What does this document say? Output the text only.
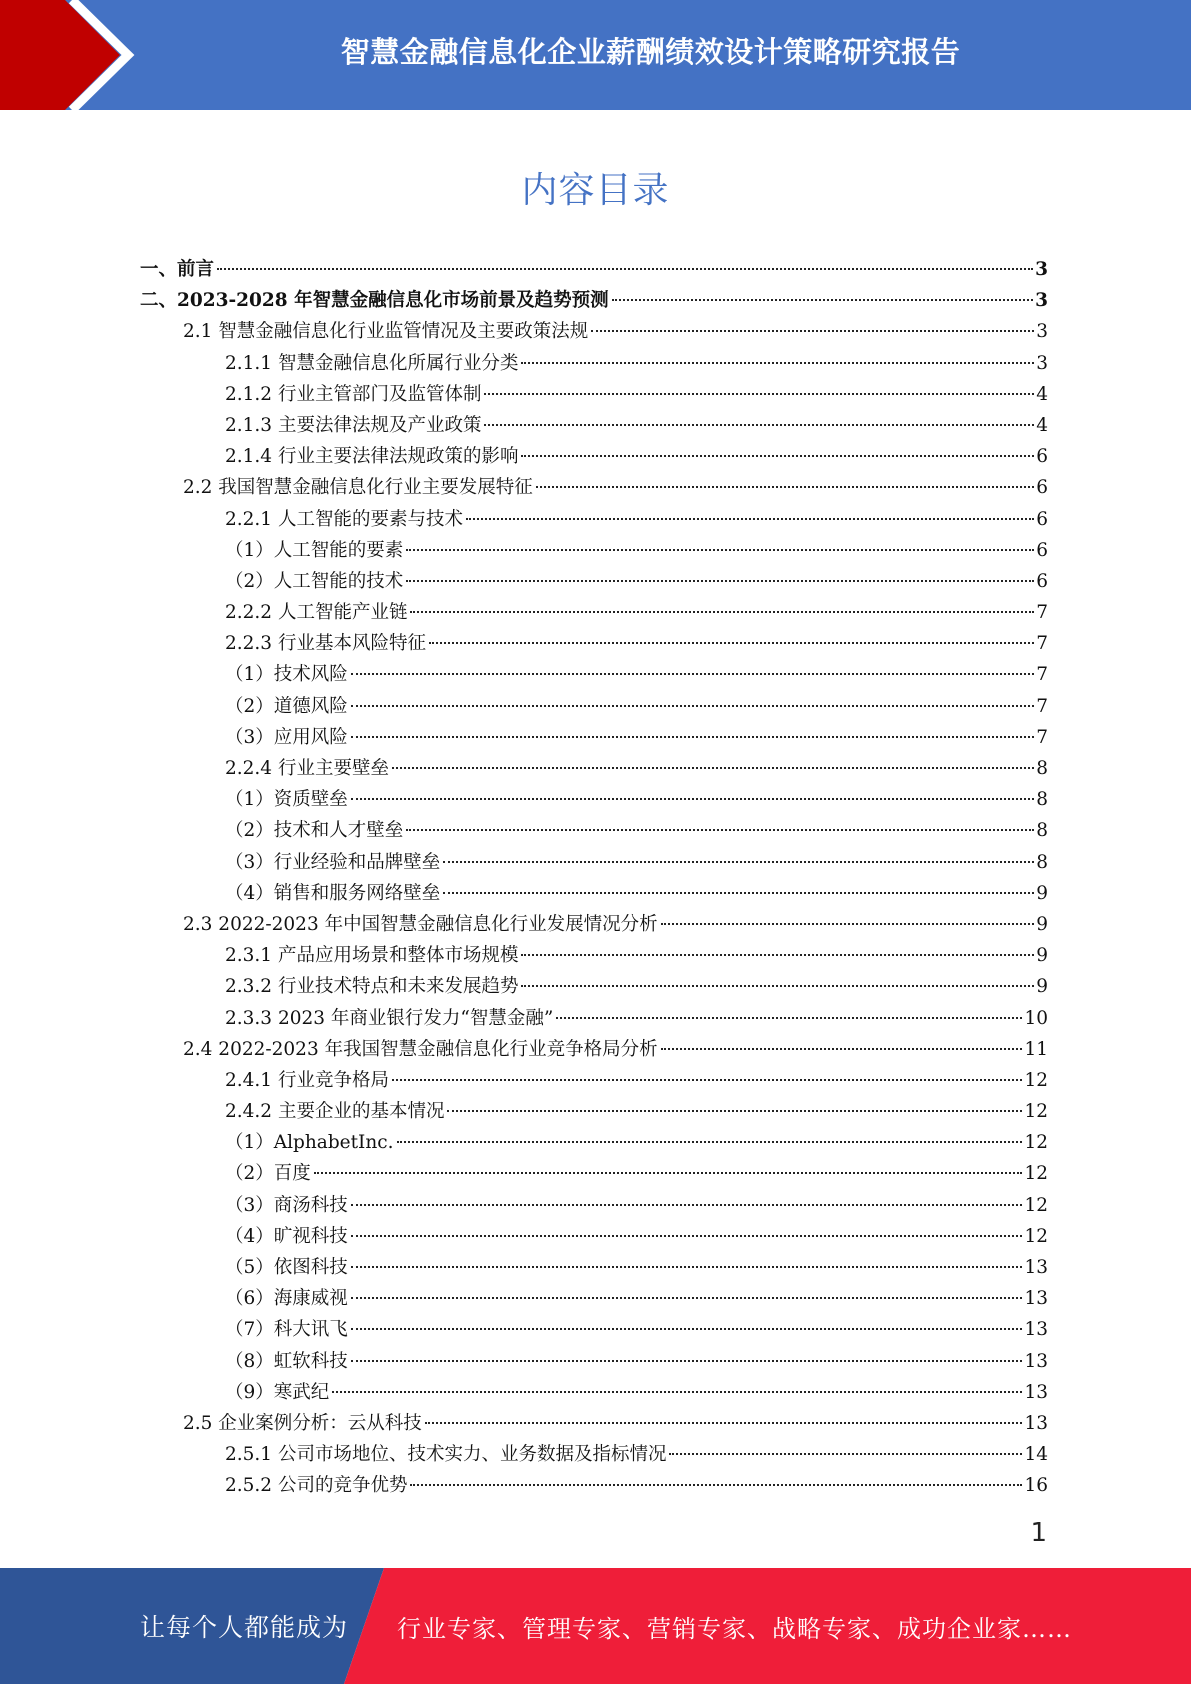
智慧金融信息化企业薪酬绩效设计策略研究报告
内容目录
一、前言	3
二、2023-2028 年智慧金融信息化市场前景及趋势预测	3
2.1 智慧金融信息化行业监管情况及主要政策法规	3
2.1.1 智慧金融信息化所属行业分类	3
2.1.2 行业主管部门及监管体制	4
2.1.3 主要法律法规及产业政策	4
2.1.4 行业主要法律法规政策的影响	6
2.2 我国智慧金融信息化行业主要发展特征	6
2.2.1 人工智能的要素与技术	6
（1）人工智能的要素	6
（2）人工智能的技术	6
2.2.2 人工智能产业链	7
2.2.3 行业基本风险特征	7
（1）技术风险	7
（2）道德风险	7
（3）应用风险	7
2.2.4 行业主要壁垒	8
（1）资质壁垒	8
（2）技术和人才壁垒	8
（3）行业经验和品牌壁垒	8
（4）销售和服务网络壁垒	9
2.3 2022-2023 年中国智慧金融信息化行业发展情况分析	9
2.3.1 产品应用场景和整体市场规模	9
2.3.2 行业技术特点和未来发展趋势	9
2.3.3 2023 年商业银行发力“智慧金融”	10
2.4 2022-2023 年我国智慧金融信息化行业竞争格局分析	11
2.4.1 行业竞争格局	12
2.4.2 主要企业的基本情况	12
（1）AlphabetInc.	12
（2）百度	12
（3）商汤科技	12
（4）旷视科技	12
（5）依图科技	13
（6）海康威视	13
（7）科大讯飞	13
（8）虹软科技	13
（9）寒武纪	13
2.5 企业案例分析：云从科技	13
2.5.1 公司市场地位、技术实力、业务数据及指标情况	14
2.5.2 公司的竞争优势	16
1
让每个人都能成为 行业专家、管理专家、营销专家、战略专家、成功企业家……
